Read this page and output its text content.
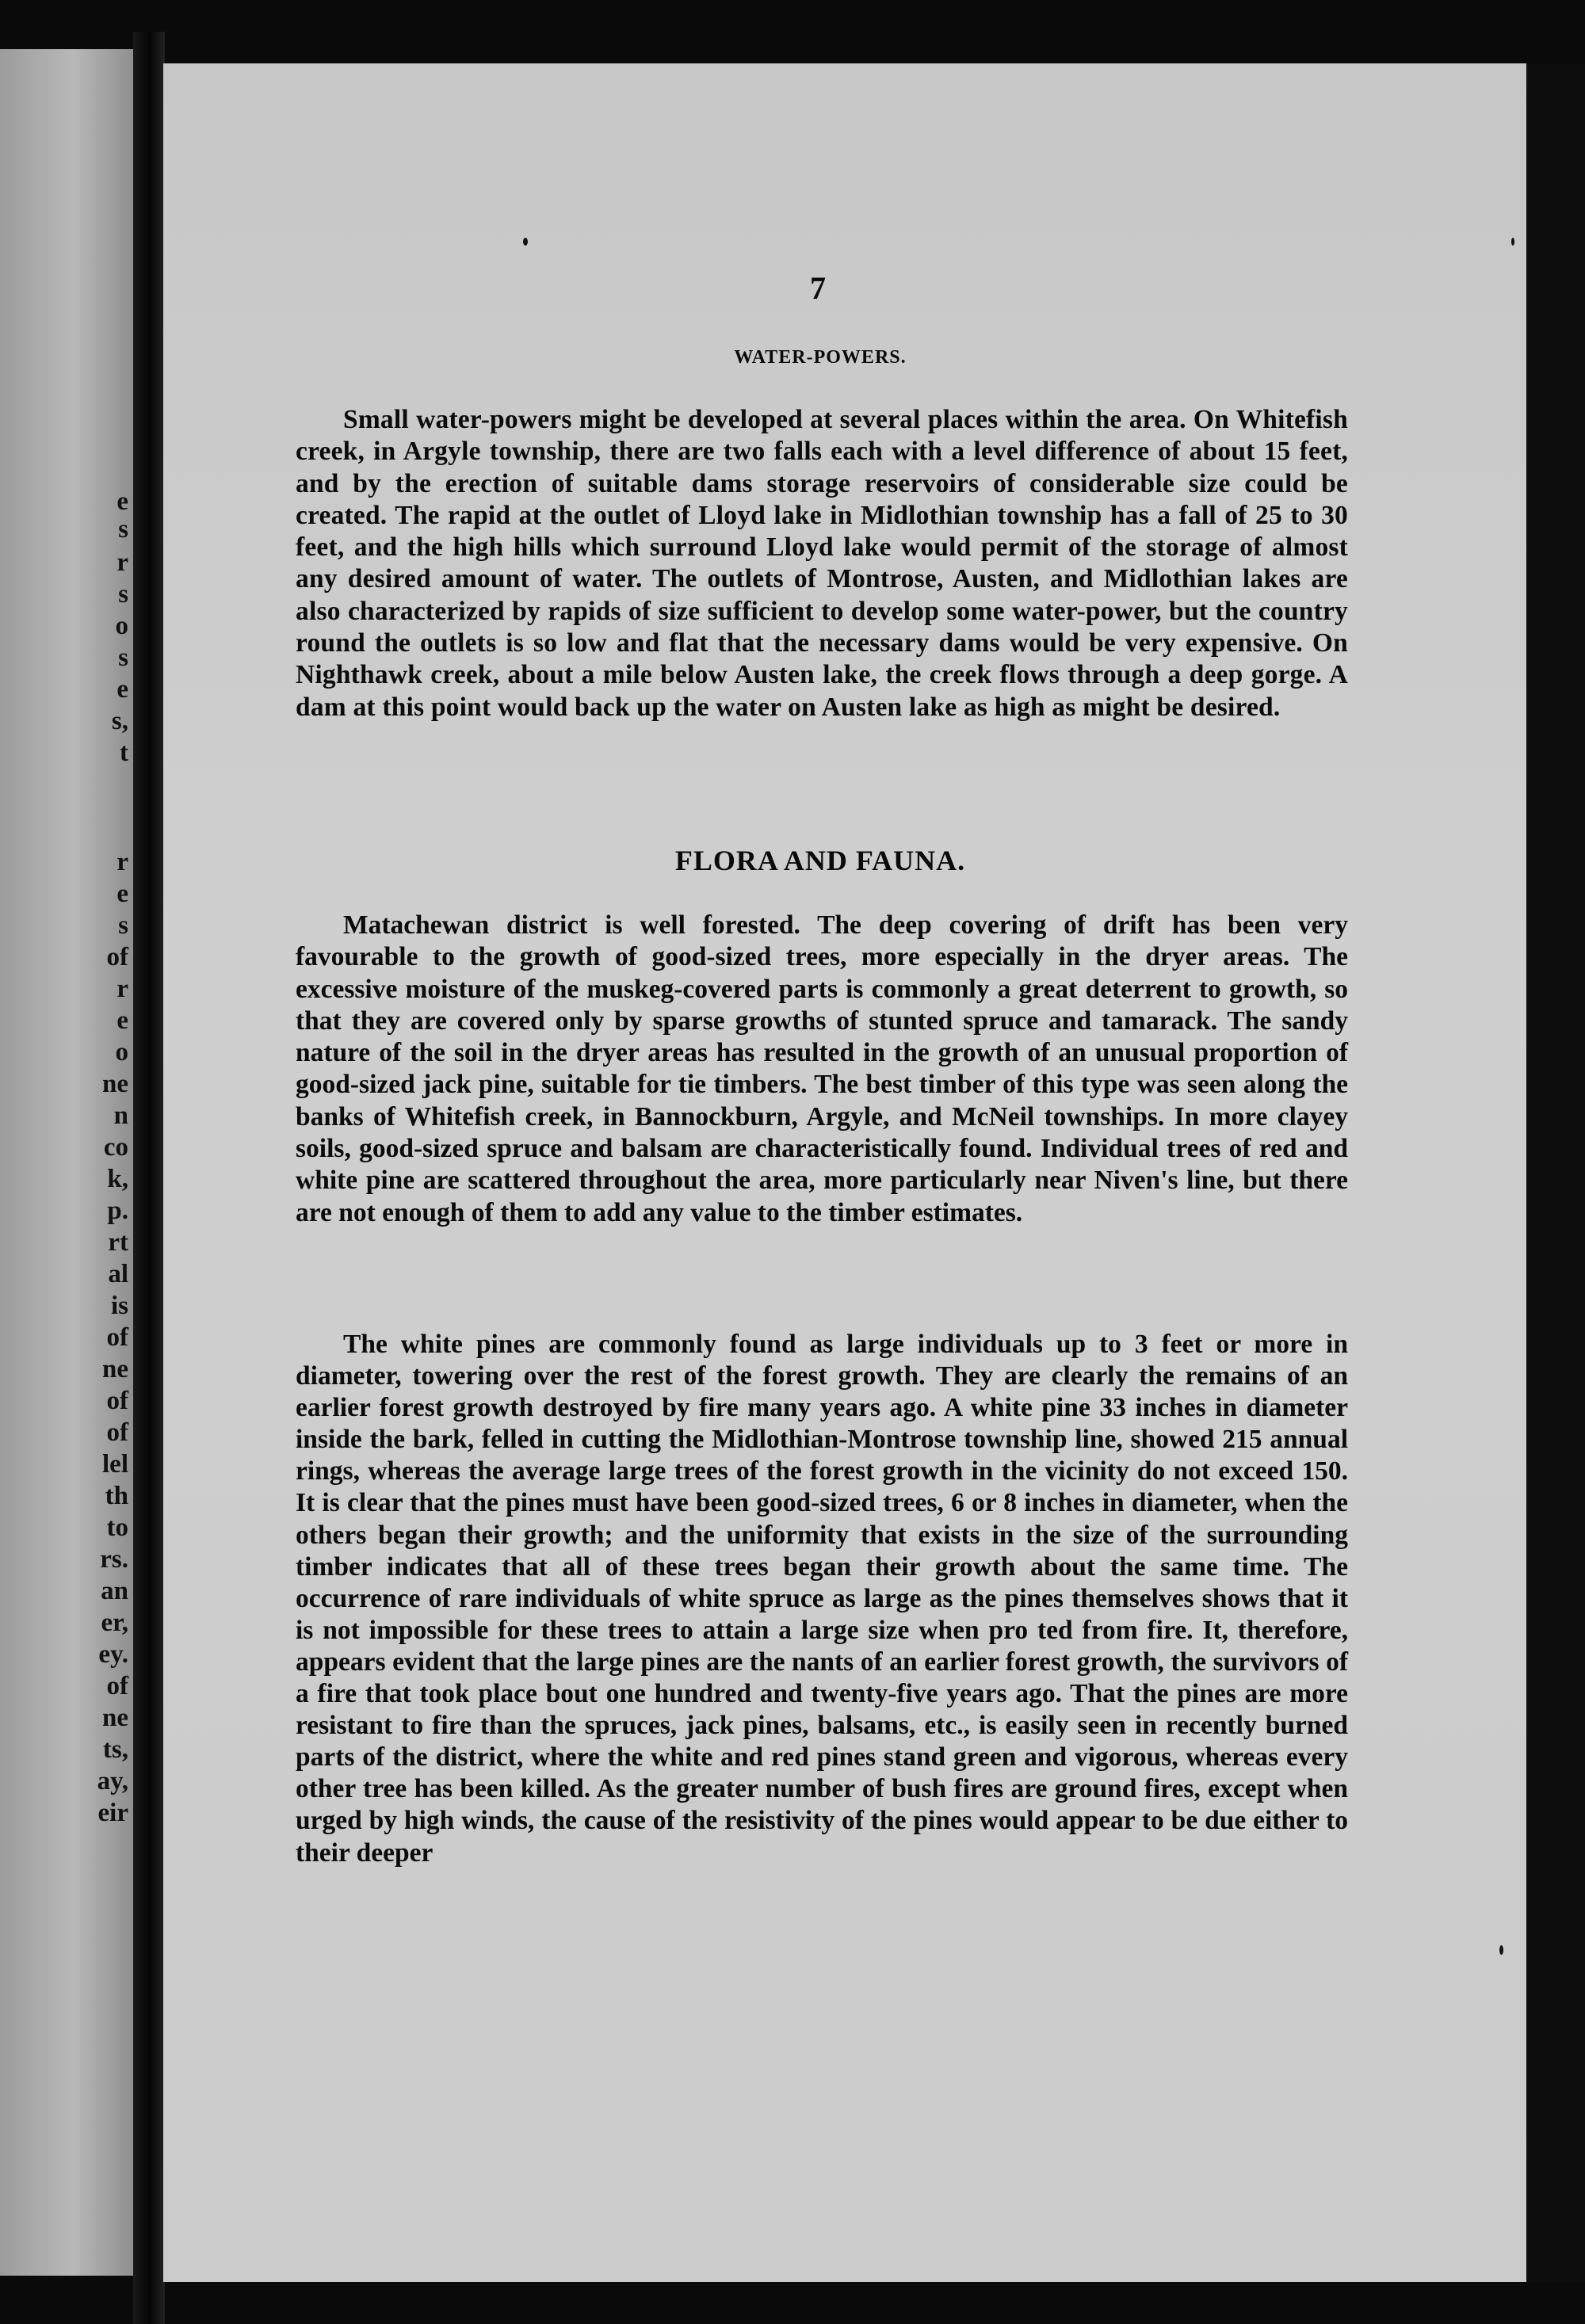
e
s
r
s
o
s
e
s,
t
r
e
s
of
r
e
o
ne
n
co
k,
p.
rt
al
is
of
ne
of
of
lel
th
to
rs.
an
er,
ey.
of
ne
ts,
ay,
eir
7
WATER-POWERS.
Small water-powers might be developed at several places within the area. On Whitefish creek, in Argyle township, there are two falls each with a level difference of about 15 feet, and by the erection of suitable dams storage reservoirs of considerable size could be created. The rapid at the outlet of Lloyd lake in Midlothian township has a fall of 25 to 30 feet, and the high hills which surround Lloyd lake would permit of the storage of almost any desired amount of water. The outlets of Montrose, Austen, and Midlothian lakes are also characterized by rapids of size sufficient to develop some water-power, but the country round the outlets is so low and flat that the necessary dams would be very expensive. On Nighthawk creek, about a mile below Austen lake, the creek flows through a deep gorge. A dam at this point would back up the water on Austen lake as high as might be desired.
FLORA AND FAUNA.
Matachewan district is well forested. The deep covering of drift has been very favourable to the growth of good-sized trees, more especially in the dryer areas. The excessive moisture of the muskeg-covered parts is commonly a great deterrent to growth, so that they are covered only by sparse growths of stunted spruce and tamarack. The sandy nature of the soil in the dryer areas has resulted in the growth of an unusual proportion of good-sized jack pine, suitable for tie timbers. The best timber of this type was seen along the banks of Whitefish creek, in Bannockburn, Argyle, and McNeil townships. In more clayey soils, good-sized spruce and balsam are characteristically found. Individual trees of red and white pine are scattered throughout the area, more particularly near Niven's line, but there are not enough of them to add any value to the timber estimates.
The white pines are commonly found as large individuals up to 3 feet or more in diameter, towering over the rest of the forest growth. They are clearly the remains of an earlier forest growth destroyed by fire many years ago. A white pine 33 inches in diameter inside the bark, felled in cutting the Midlothian-Montrose township line, showed 215 annual rings, whereas the average large trees of the forest growth in the vicinity do not exceed 150. It is clear that the pines must have been good-sized trees, 6 or 8 inches in diameter, when the others began their growth; and the uniformity that exists in the size of the surrounding timber indicates that all of these trees began their growth about the same time. The occurrence of rare individuals of white spruce as large as the pines themselves shows that it is not impossible for these trees to attain a large size when pro ted from fire. It, therefore, appears evident that the large pines are the nants of an earlier forest growth, the survivors of a fire that took place bout one hundred and twenty-five years ago. That the pines are more resistant to fire than the spruces, jack pines, balsams, etc., is easily seen in recently burned parts of the district, where the white and red pines stand green and vigorous, whereas every other tree has been killed. As the greater number of bush fires are ground fires, except when urged by high winds, the cause of the resistivity of the pines would appear to be due either to their deeper
